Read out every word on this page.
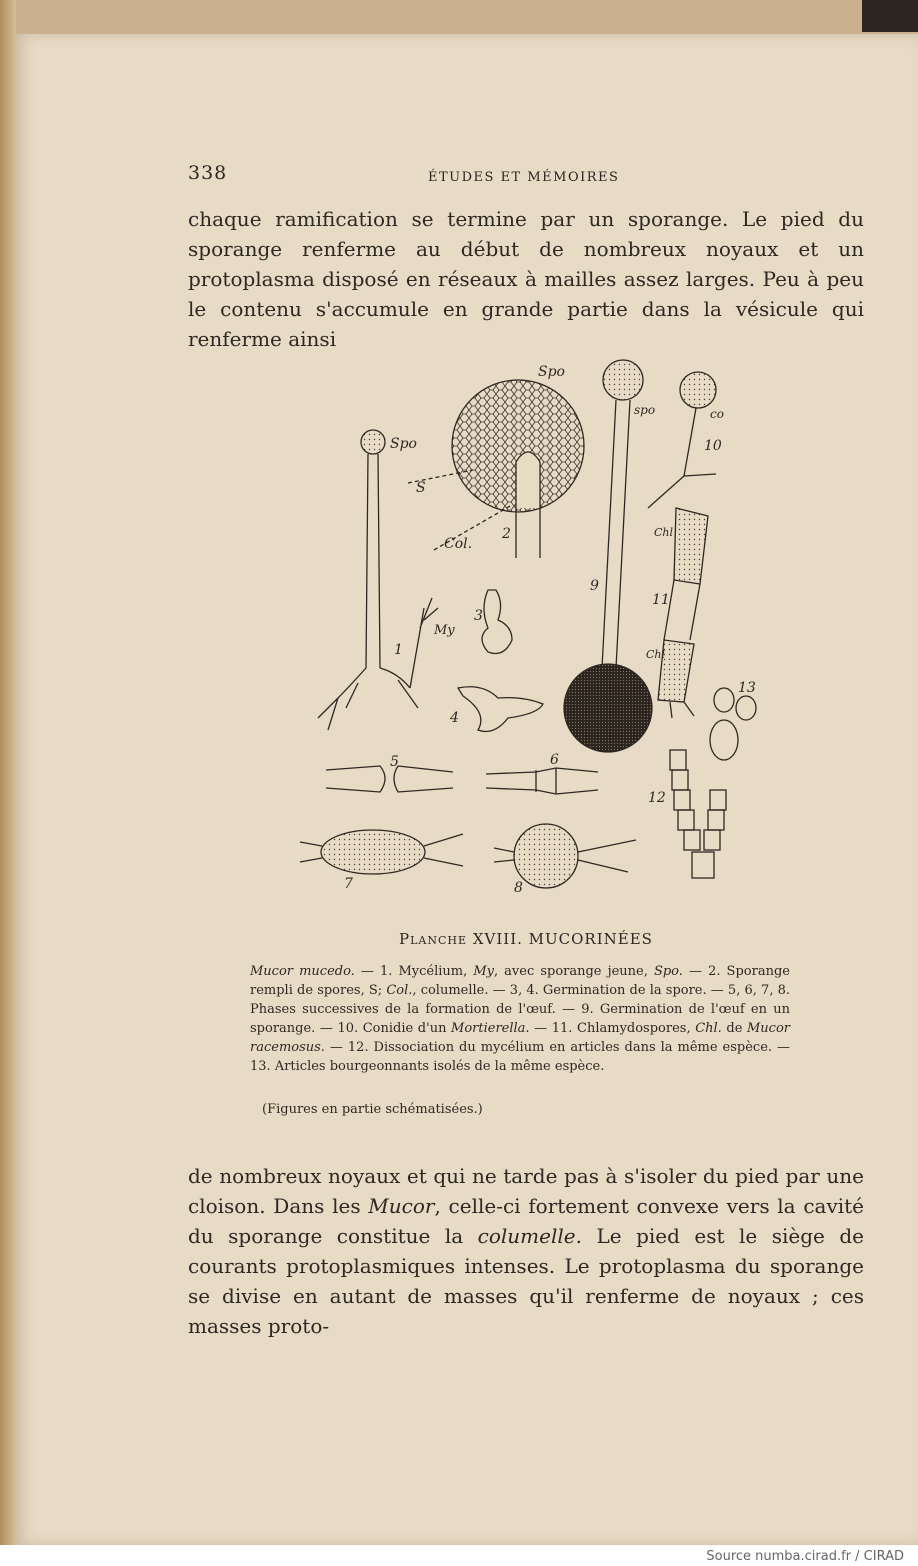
338	ÉTUDES ET MÉMOIRES

chaque ramification se termine par un sporange. Le pied du sporange renferme au début de nombreux noyaux et un protoplasma disposé en réseaux à mailles assez larges. Peu à peu le contenu s'accumule en grande partie dans la vésicule qui renferme ainsi

Spo
Spo
spo
S
Col.
My
co
Chl
Chl
1
2
3
4
5	6
7	8
9
10
11
12
13
Planche XVIII. MUCORINÉES
Mucor mucedo. — 1. Mycélium, My, avec sporange jeune, Spo. — 2. Sporange rempli de spores, S; Col., columelle. — 3, 4. Germination de la spore. — 5, 6, 7, 8. Phases successives de la formation de l'œuf. — 9. Germination de l'œuf en un sporange. — 10. Conidie d'un Mortierella. — 11. Chlamydospores, Chl. de Mucor racemosus. — 12. Dissociation du mycélium en articles dans la même espèce. — 13. Articles bourgeonnants isolés de la même espèce.
(Figures en partie schématisées.)

de nombreux noyaux et qui ne tarde pas à s'isoler du pied par une cloison. Dans les Mucor, celle-ci fortement convexe vers la cavité du sporange constitue la columelle. Le pied est le siège de courants protoplasmiques intenses. Le protoplasma du sporange se divise en autant de masses qu'il renferme de noyaux ; ces masses proto-

Source numba.cirad.fr / CIRAD
